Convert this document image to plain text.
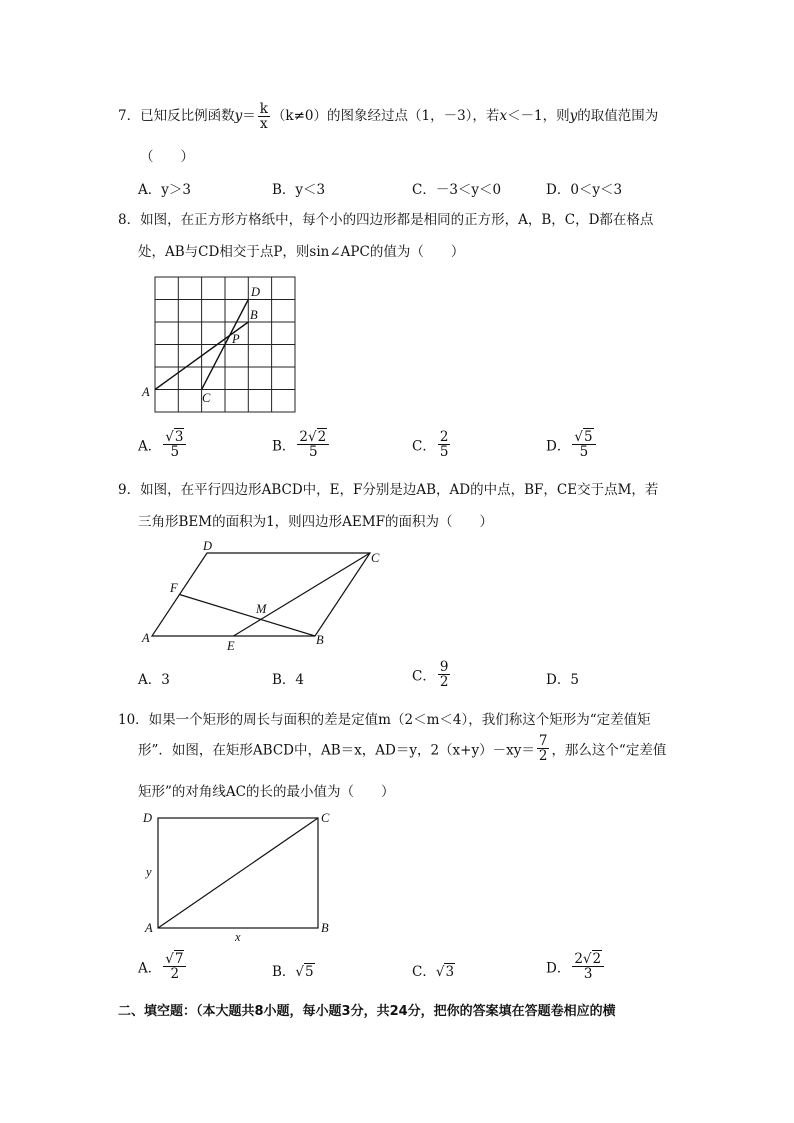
7．已知反比例函数$y= \frac{k}{x} (k\ne 0)$的图象经过点（1，－3），若x＜－1，则y的取值范围为
（　　）
A．y＞3	B．y＜3	C．－3＜y＜0	D．0＜y＜3
8．如图，在正方形方格纸中，每个小的四边形都是相同的正方形，A，B，C，D都在格点
处，AB与CD相交于点P，则sin∠APC的值为（　　）
D
B
P
A	C
A． $\frac{√3}{5}$	B． $\frac{2√2}{5}$	C． $\frac{2}{5}$	D． $\frac{√5}{5}$
9．如图，在平行四边形ABCD中，E，F分别是边AB，AD的中点，BF，CE交于点M，若
三角形BEM的面积为1，则四边形AEMF的面积为（　　）
D
C
F
M
A
E	B
A．3	B．4	C． $\frac{9}{2}$	D．5
10．如果一个矩形的周长与面积的差是定值m（2＜m＜4），我们称这个矩形为“定差值矩
形”．如图，在矩形ABCD中，AB＝x，AD＝y，$2(x+y)-xy= \frac{7}{2}$ ，那么这个“定差值
矩形”的对角线AC的长的最小值为（　　）
D	C
y
A
x
B
A． $\frac{√7}{2}$	B．√5	C．√3	D． $\frac{2√2}{3}$
二、填空题：（本大题共8小题，每小题3分，共24分，把你的答案填在答题卷相应的横
